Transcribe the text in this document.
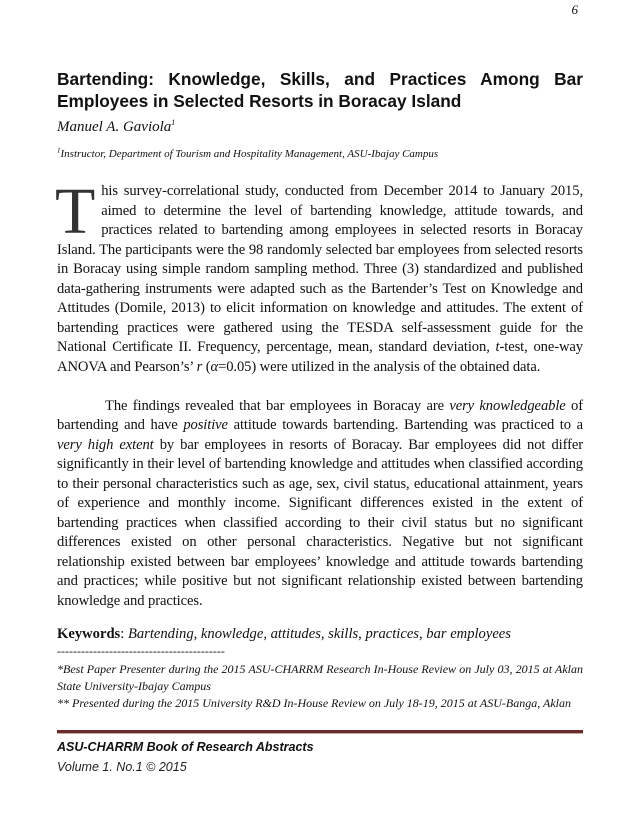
6
Bartending: Knowledge, Skills, and Practices Among Bar Employees in Selected Resorts in Boracay Island
Manuel A. Gaviola$^1$
$^1$Instructor, Department of Tourism and Hospitality Management, ASU-Ibajay Campus
This survey-correlational study, conducted from December 2014 to January 2015, aimed to determine the level of bartending knowledge, attitude towards, and practices related to bartending among employees in selected resorts in Boracay Island. The participants were the 98 randomly selected bar employees from selected resorts in Boracay using simple random sampling method. Three (3) standardized and published data-gathering instruments were adapted such as the Bartender’s Test on Knowledge and Attitudes (Domile, 2013) to elicit information on knowledge and attitudes. The extent of bartending practices were gathered using the TESDA self-assessment guide for the National Certificate II. Frequency, percentage, mean, standard deviation, t-test, one-way ANOVA and Pearson’s’ r (α=0.05) were utilized in the analysis of the obtained data.
The findings revealed that bar employees in Boracay are very knowledgeable of bartending and have positive attitude towards bartending. Bartending was practiced to a very high extent by bar employees in resorts of Boracay. Bar employees did not differ significantly in their level of bartending knowledge and attitudes when classified according to their personal characteristics such as age, sex, civil status, educational attainment, years of experience and monthly income. Significant differences existed in the extent of bartending practices when classified according to their civil status but no significant differences existed on other personal characteristics. Negative but not significant relationship existed between bar employees’ knowledge and attitude towards bartending and practices; while positive but not significant relationship existed between bartending knowledge and practices.
Keywords: Bartending, knowledge, attitudes, skills, practices, bar employees
------------------------------------------
*Best Paper Presenter during the 2015 ASU-CHARRM Research In-House Review on July 03, 2015 at Aklan State University-Ibajay Campus
** Presented during the 2015 University R&D In-House Review on July 18-19, 2015 at ASU-Banga, Aklan
ASU-CHARRM Book of Research Abstracts
Volume 1. No.1 © 2015
